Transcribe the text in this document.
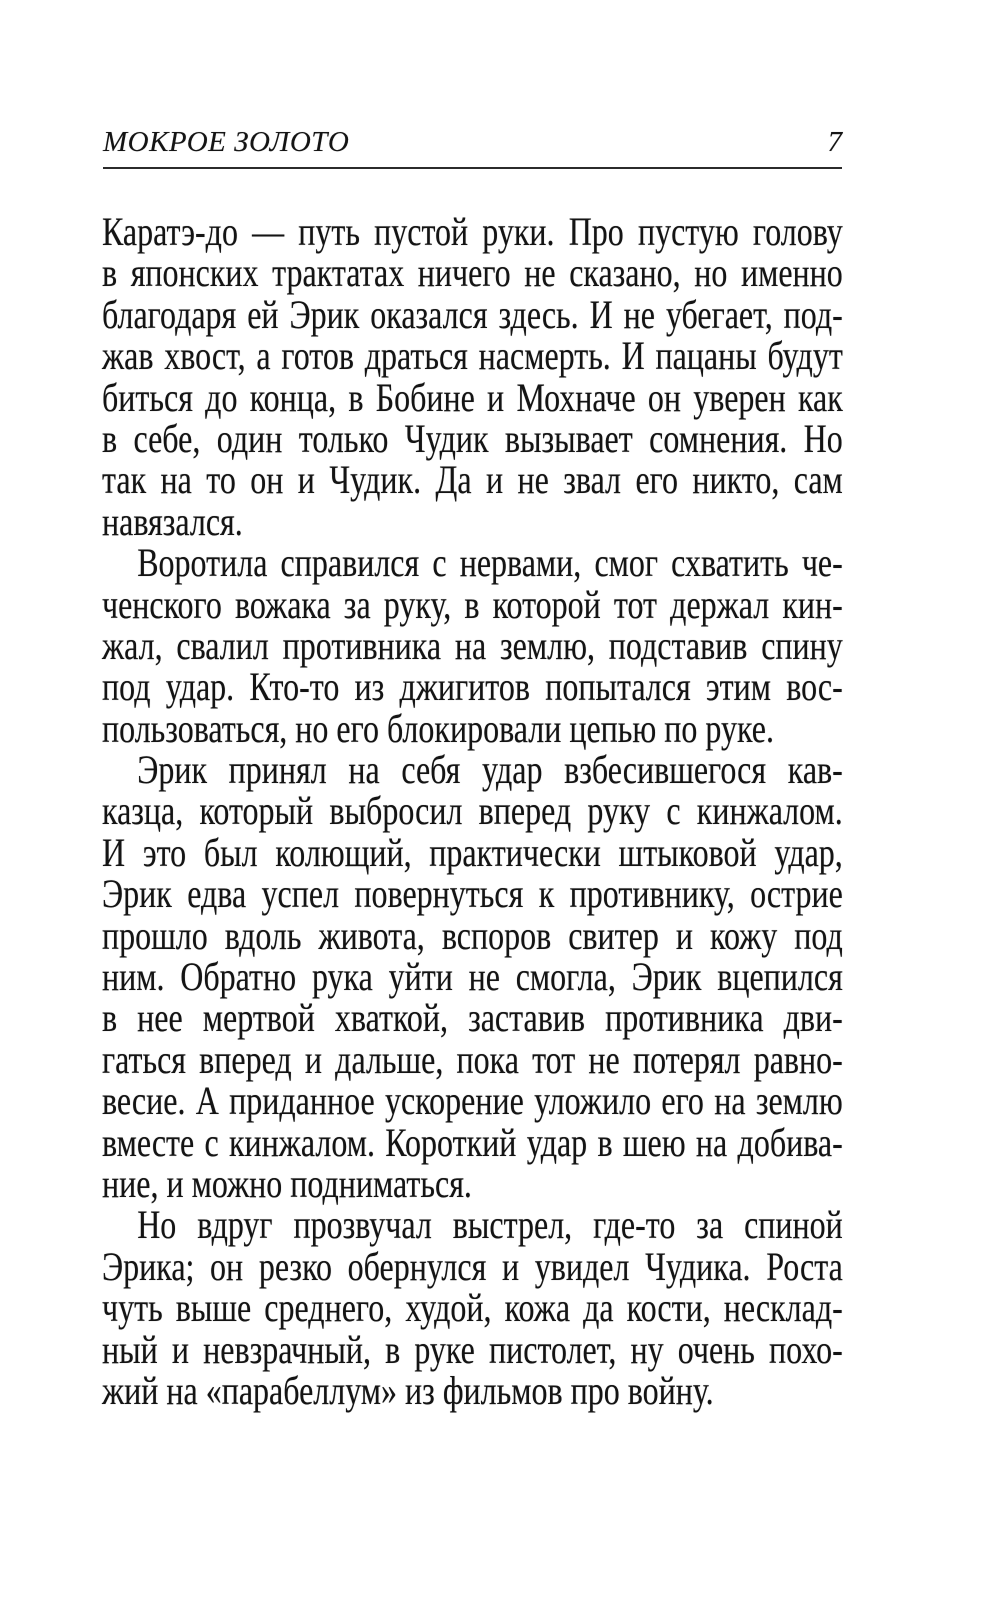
МОКРОЕ ЗОЛОТО	7
Каратэ-до — путь пустой руки. Про пустую голову
в японских трактатах ничего не сказано, но именно
благодаря ей Эрик оказался здесь. И не убегает, под-
жав хвост, а готов драться насмерть. И пацаны будут
биться до конца, в Бобине и Мохначе он уверен как
в себе, один только Чудик вызывает сомнения. Но
так на то он и Чудик. Да и не звал его никто, сам
навязался.
Воротила справился с нервами, смог схватить че-
ченского вожака за руку, в которой тот держал кин-
жал, свалил противника на землю, подставив спину
под удар. Кто-то из джигитов попытался этим вос-
пользоваться, но его блокировали цепью по руке.
Эрик принял на себя удар взбесившегося кав-
казца, который выбросил вперед руку с кинжалом.
И это был колющий, практически штыковой удар,
Эрик едва успел повернуться к противнику, острие
прошло вдоль живота, вспоров свитер и кожу под
ним. Обратно рука уйти не смогла, Эрик вцепился
в нее мертвой хваткой, заставив противника дви-
гаться вперед и дальше, пока тот не потерял равно-
весие. А приданное ускорение уложило его на землю
вместе с кинжалом. Короткий удар в шею на добива-
ние, и можно подниматься.
Но вдруг прозвучал выстрел, где-то за спиной
Эрика; он резко обернулся и увидел Чудика. Роста
чуть выше среднего, худой, кожа да кости, несклад-
ный и невзрачный, в руке пистолет, ну очень похо-
жий на «парабеллум» из фильмов про войну.
